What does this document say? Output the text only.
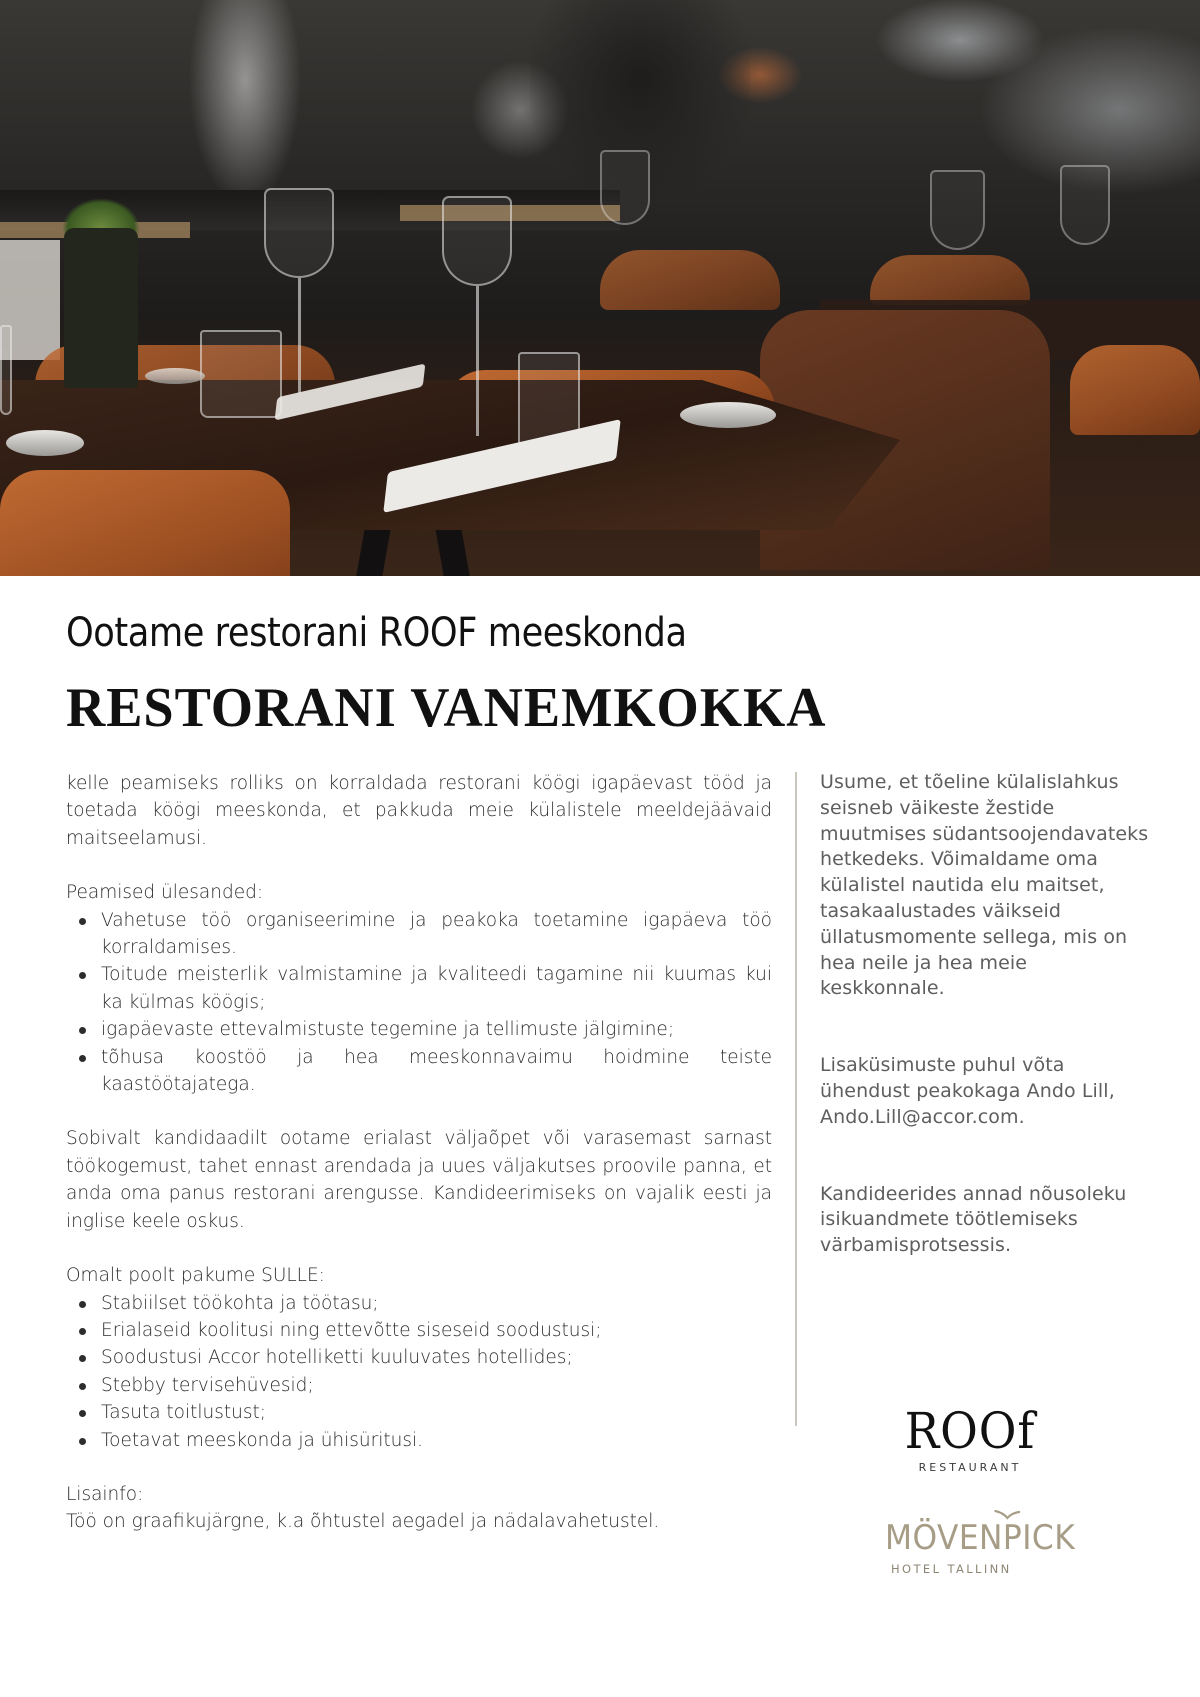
Ootame restorani ROOF meeskonda
RESTORANI VANEMKOKKA

kelle peamiseks rolliks on korraldada restorani köögi igapäevast tööd ja toetada köögi meeskonda, et pakkuda meie külalistele meeldejäävaid maitseelamusi.

Peamised ülesanded:

Vahetuse töö organiseerimine ja peakoka toetamine igapäeva töö korraldamises.
Toitude meisterlik valmistamine ja kvaliteedi tagamine nii kuumas kui ka külmas köögis;
igapäevaste ettevalmistuste tegemine ja tellimuste jälgimine;
tõhusa koostöö ja hea meeskonnavaimu hoidmine teiste kaastöötajatega.

Sobivalt kandidaadilt ootame erialast väljaõpet või varasemast sarnast töökogemust, tahet ennast arendada ja uues väljakutses proovile panna, et anda oma panus restorani arengusse. Kandideerimiseks on vajalik eesti ja inglise keele oskus.

Omalt poolt pakume SULLE:

Stabiilset töökohta ja töötasu;
Erialaseid koolitusi ning ettevõtte siseseid soodustusi;
Soodustusi Accor hotelliketti kuuluvates hotellides;
Stebby tervisehüvesid;
Tasuta toitlustust;
Toetavat meeskonda ja ühisüritusi.

Lisainfo:

Töö on graafikujärgne, k.a õhtustel aegadel ja nädalavahetustel.

Usume, et tõeline külalislahkus seisneb väikeste žestide muutmises südantsoojendavateks hetkedeks. Võimaldame oma külalistel nautida elu maitset, tasakaalustades väikseid üllatusmomente sellega, mis on hea neile ja hea meie keskkonnale.

Lisaküsimuste puhul võta ühendust peakokaga Ando Lill, Ando.Lill@accor.com.

Kandideerides annad nõusoleku isikuandmete töötlemiseks värbamisprotsessis.

ROOf
RESTAURANT
MÖVENPICK
HOTEL TALLINN
